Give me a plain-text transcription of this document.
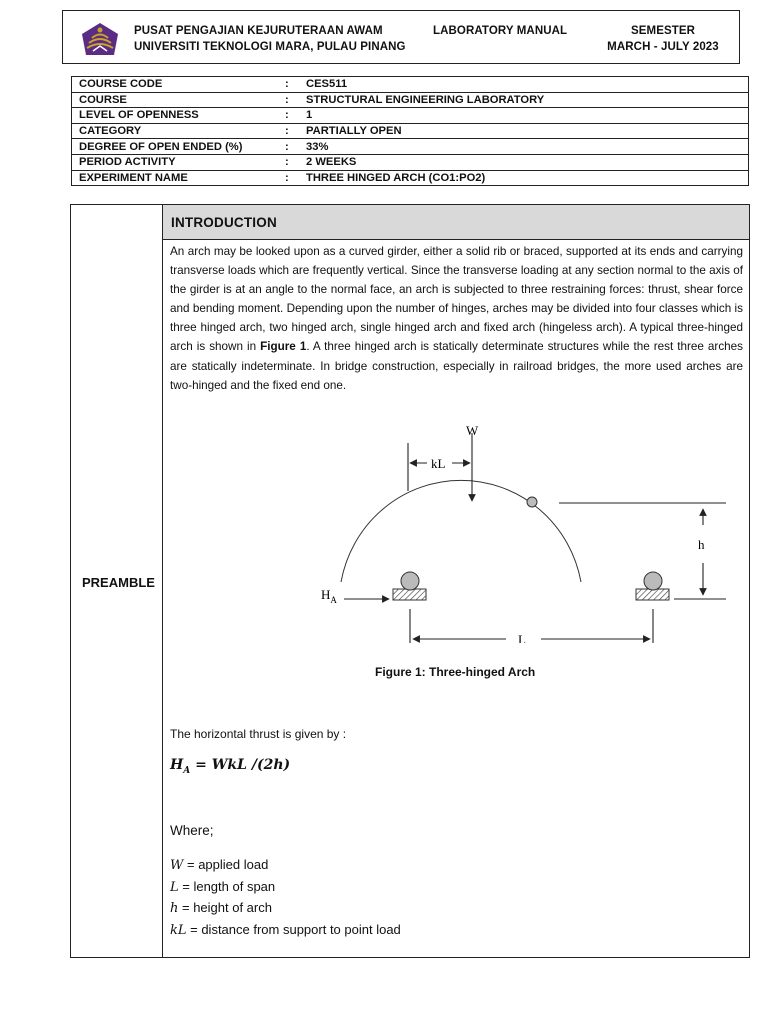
PUSAT PENGAJIAN KEJURUTERAAN AWAM
UNIVERSITI TEKNOLOGI MARA, PULAU PINANG
LABORATORY MANUAL	SEMESTER
MARCH - JULY 2023
COURSE CODE	:	CES511
COURSE	:	STRUCTURAL ENGINEERING LABORATORY
LEVEL OF OPENNESS	:	1
CATEGORY	:	PARTIALLY OPEN
DEGREE OF OPEN ENDED (%)	:	33%
PERIOD ACTIVITY	:	2 WEEKS
EXPERIMENT NAME	:	THREE HINGED ARCH (CO1:PO2)
PREAMBLE
INTRODUCTION
An arch may be looked upon as a curved girder, either a solid rib or braced, supported at its ends and carrying transverse loads which are frequently vertical. Since the transverse loading at any section normal to the axis of the girder is at an angle to the normal face, an arch is subjected to three restraining forces: thrust, shear force and bending moment. Depending upon the number of hinges, arches may be divided into four classes which is three hinged arch, two hinged arch, single hinged arch and fixed arch (hingeless arch). A typical three-hinged arch is shown in Figure 1. A three hinged arch is statically determinate structures while the rest three arches are statically indeterminate. In bridge construction, especially in railroad bridges, the more used arches are two-hinged and the fixed end one.
W
kL
h
$H_A$
L
Figure 1: Three-hinged Arch
The horizontal thrust is given by :
$H_A$ = WkL /(2h)
Where;
W = applied load
L = length of span
h = height of arch
kL = distance from support to point load
